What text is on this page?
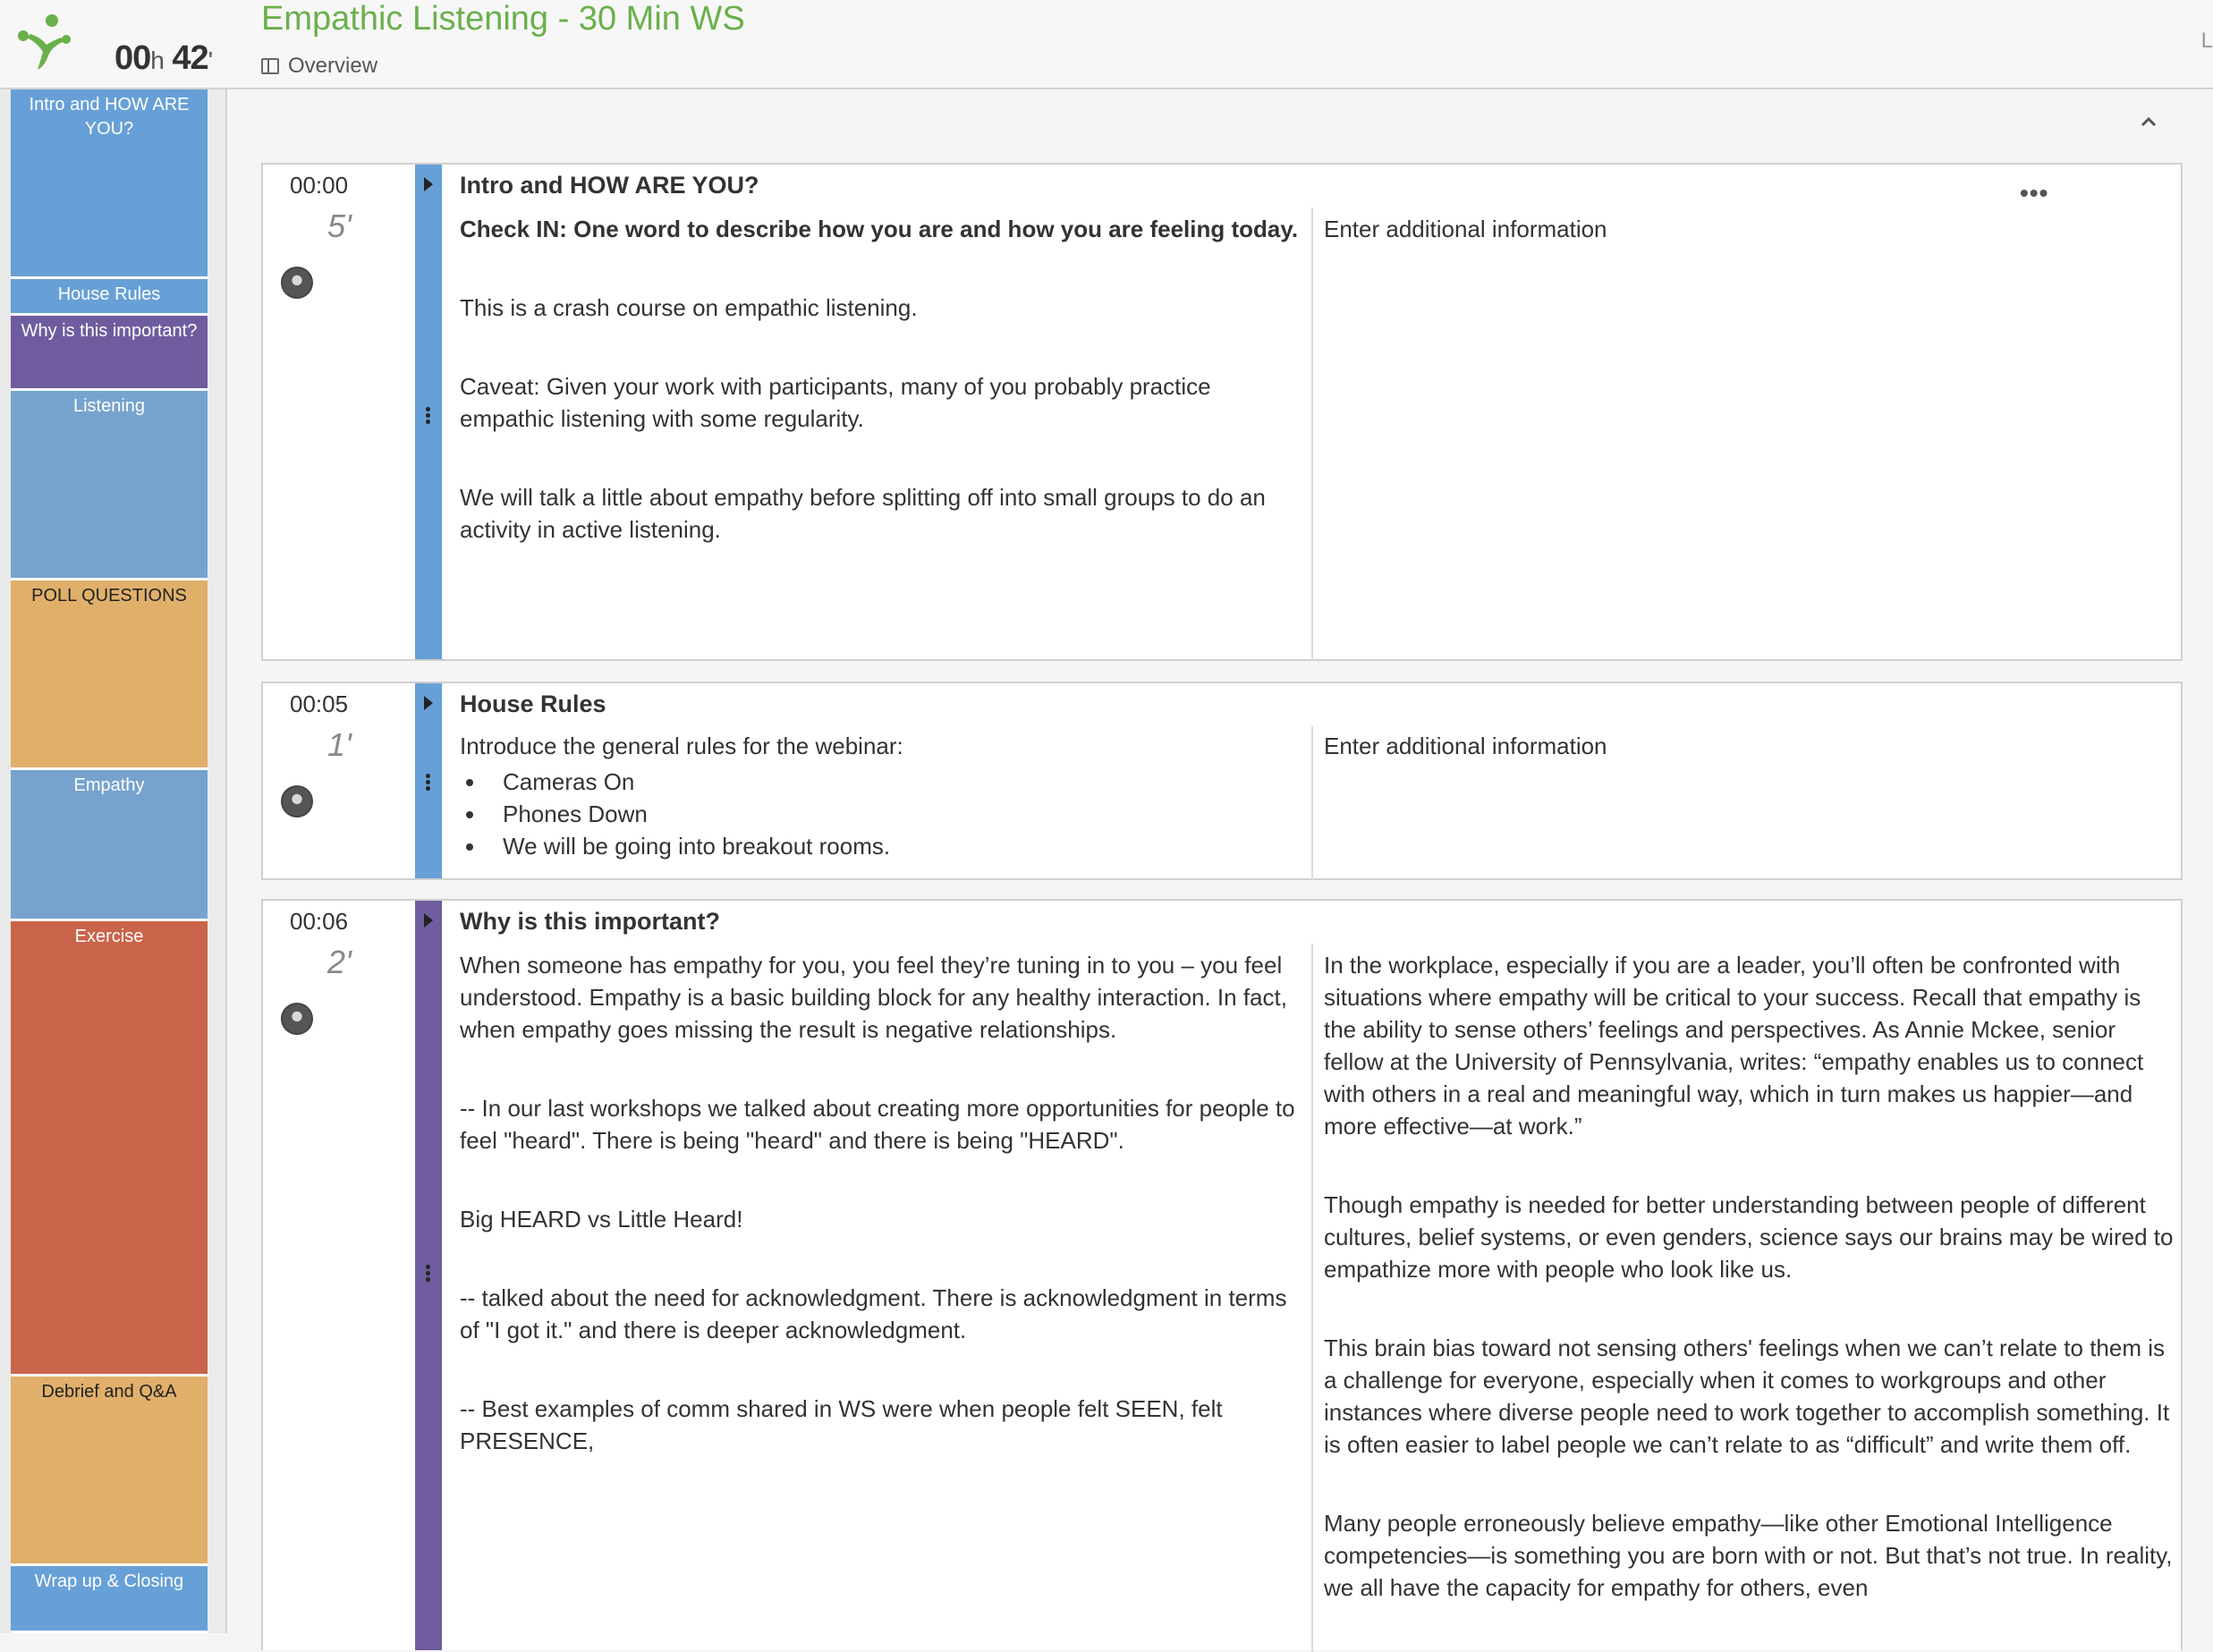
00h 42'
Empathic Listening - 30 Min WS
Overview
L
Intro and HOW ARE YOU?
House Rules
Why is this important?
Listening
POLL QUESTIONS
Empathy
Exercise
Debrief and Q&A
Wrap up & Closing
00:00
5'
Intro and HOW ARE YOU?	•••

Check IN: One word to describe how you are and how you are feeling today.

This is a crash course on empathic listening.

Caveat: Given your work with participants, many of you probably practice empathic listening with some regularity.

We will talk a little about empathy before splitting off into small groups to do an activity in active listening.

Enter additional information
00:05
1'
House Rules
Introduce the general rules for the webinar:
• Cameras On
• Phones Down
• We will be going into breakout rooms.
Enter additional information
00:06
2'
Why is this important?

When someone has empathy for you, you feel they’re tuning in to you – you feel understood. Empathy is a basic building block for any healthy interaction. In fact, when empathy goes missing the result is negative relationships.

-- In our last workshops we talked about creating more opportunities for people to feel "heard". There is being "heard" and there is being "HEARD".

Big HEARD vs Little Heard!

-- talked about the need for acknowledgment. There is acknowledgment in terms of "I got it." and there is deeper acknowledgment.

-- Best examples of comm shared in WS were when people felt SEEN, felt PRESENCE,

In the workplace, especially if you are a leader, you’ll often be confronted with situations where empathy will be critical to your success. Recall that empathy is the ability to sense others’ feelings and perspectives. As Annie Mckee, senior fellow at the University of Pennsylvania, writes: “empathy enables us to connect with others in a real and meaningful way, which in turn makes us happier—and more effective—at work.”

Though empathy is needed for better understanding between people of different cultures, belief systems, or even genders, science says our brains may be wired to empathize more with people who look like us.

This brain bias toward not sensing others' feelings when we can’t relate to them is a challenge for everyone, especially when it comes to workgroups and other instances where diverse people need to work together to accomplish something. It is often easier to label people we can’t relate to as “difficult” and write them off.

Many people erroneously believe empathy—like other Emotional Intelligence competencies—is something you are born with or not. But that’s not true. In reality, we all have the capacity for empathy for others, even
